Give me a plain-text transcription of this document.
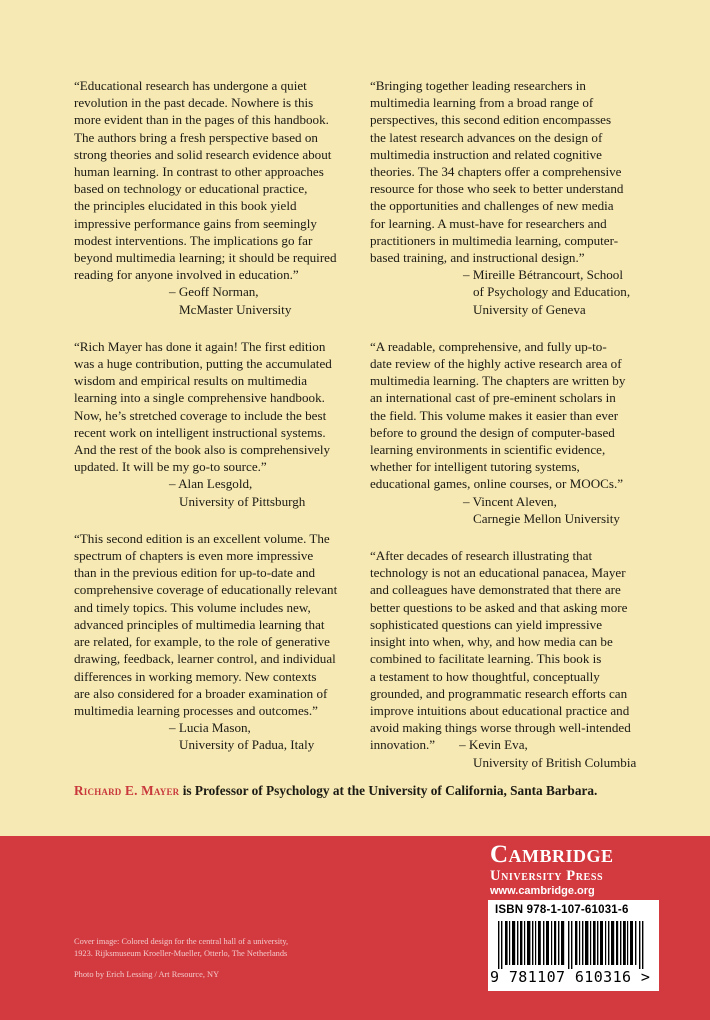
“Educational research has undergone a quiet
revolution in the past decade. Nowhere is this
more evident than in the pages of this handbook.
The authors bring a fresh perspective based on
strong theories and solid research evidence about
human learning. In contrast to other approaches
based on technology or educational practice,
the principles elucidated in this book yield
impressive performance gains from seemingly
modest interventions. The implications go far
beyond multimedia learning; it should be required
reading for anyone involved in education.”

– Geoff Norman,
McMaster University

“Rich Mayer has done it again! The first edition
was a huge contribution, putting the accumulated
wisdom and empirical results on multimedia
learning into a single comprehensive handbook.
Now, he’s stretched coverage to include the best
recent work on intelligent instructional systems.
And the rest of the book also is comprehensively
updated. It will be my go-to source.”

– Alan Lesgold,
University of Pittsburgh

“This second edition is an excellent volume. The
spectrum of chapters is even more impressive
than in the previous edition for up-to-date and
comprehensive coverage of educationally relevant
and timely topics. This volume includes new,
advanced principles of multimedia learning that
are related, for example, to the role of generative
drawing, feedback, learner control, and individual
differences in working memory. New contexts
are also considered for a broader examination of
multimedia learning processes and outcomes.”

– Lucia Mason,
University of Padua, Italy

“Bringing together leading researchers in
multimedia learning from a broad range of
perspectives, this second edition encompasses
the latest research advances on the design of
multimedia instruction and related cognitive
theories. The 34 chapters offer a comprehensive
resource for those who seek to better understand
the opportunities and challenges of new media
for learning. A must-have for researchers and
practitioners in multimedia learning, computer-
based training, and instructional design.”

– Mireille Bétrancourt, School
of Psychology and Education,
University of Geneva

“A readable, comprehensive, and fully up-to-
date review of the highly active research area of
multimedia learning. The chapters are written by
an international cast of pre-eminent scholars in
the field. This volume makes it easier than ever
before to ground the design of computer-based
learning environments in scientific evidence,
whether for intelligent tutoring systems,
educational games, online courses, or MOOCs.”

– Vincent Aleven,
Carnegie Mellon University

“After decades of research illustrating that
technology is not an educational panacea, Mayer
and colleagues have demonstrated that there are
better questions to be asked and that asking more
sophisticated questions can yield impressive
insight into when, why, and how media can be
combined to facilitate learning. This book is
a testament to how thoughtful, conceptually
grounded, and programmatic research efforts can
improve intuitions about educational practice and
avoid making things worse through well-intended
innovation.” – Kevin Eva,

University of British Columbia

Richard E. Mayer is Professor of Psychology at the University of California, Santa Barbara.
Cambridge
University Press
www.cambridge.org
ISBN 978-1-107-61031-6
9 781107 610316 >
Cover image: Colored design for the central hall of a university,
1923. Rijksmuseum Kroeller-Mueller, Otterlo, The Netherlands
Photo by Erich Lessing / Art Resource, NY
